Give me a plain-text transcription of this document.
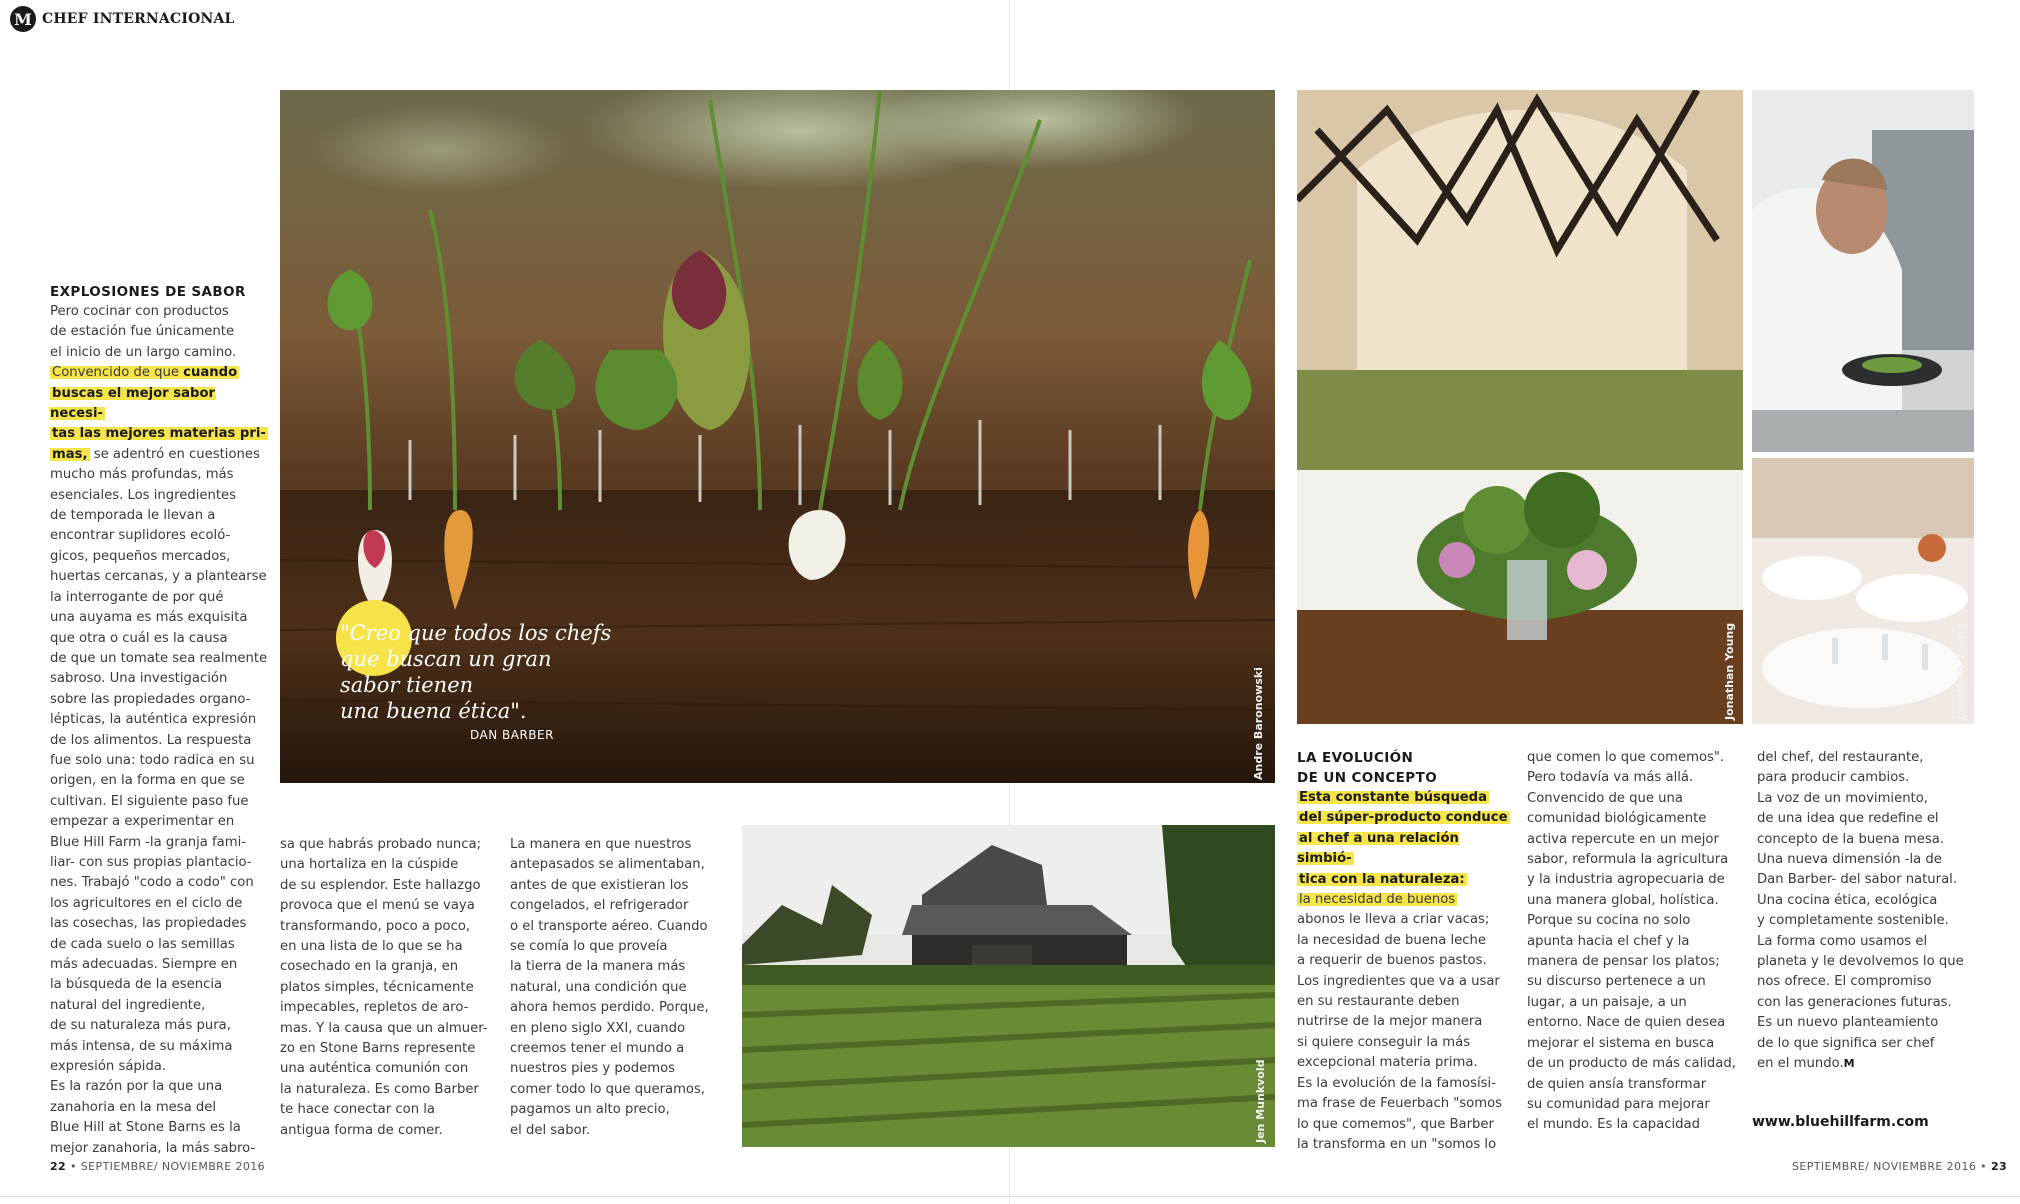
M CHEF INTERNACIONAL
EXPLOSIONES DE SABOR

Pero cocinar con productos
de estación fue únicamente
el inicio de un largo camino.

Convencido de que cuando
buscas el mejor sabor necesi-
tas las mejores materias pri-
mas, se adentró en cuestiones
mucho más profundas, más
esenciales. Los ingredientes
de temporada le llevan a
encontrar suplidores ecoló-
gicos, pequeños mercados,
huertas cercanas, y a plantearse
la interrogante de por qué
una auyama es más exquisita
que otra o cuál es la causa
de que un tomate sea realmente
sabroso. Una investigación
sobre las propiedades organo-
lépticas, la auténtica expresión
de los alimentos. La respuesta
fue solo una: todo radica en su
origen, en la forma en que se
cultivan. El siguiente paso fue
empezar a experimentar en
Blue Hill Farm -la granja fami-
liar- con sus propias plantacio-
nes. Trabajó "codo a codo" con
los agricultores en el ciclo de
las cosechas, las propiedades
de cada suelo o las semillas
más adecuadas. Siempre en
la búsqueda de la esencia
natural del ingrediente,
de su naturaleza más pura,
más intensa, de su máxima
expresión sápida.
Es la razón por la que una
zanahoria en la mesa del
Blue Hill at Stone Barns es la
mejor zanahoria, la más sabro-
Andre Baronowski
"Creo que todos los chefs
que buscan un gran
sabor tienen
una buena ética".
DAN BARBER

sa que habrás probado nunca;
una hortaliza en la cúspide
de su esplendor. Este hallazgo
provoca que el menú se vaya
transformando, poco a poco,
en una lista de lo que se ha
cosechado en la granja, en
platos simples, técnicamente
impecables, repletos de aro-
mas. Y la causa que un almuer-
zo en Stone Barns represente
una auténtica comunión con
la naturaleza. Es como Barber
te hace conectar con la
antigua forma de comer.

La manera en que nuestros
antepasados se alimentaban,
antes de que existieran los
congelados, el refrigerador
o el transporte aéreo. Cuando
se comía lo que proveía
la tierra de la manera más
natural, una condición que
ahora hemos perdido. Porque,
en pleno siglo XXI, cuando
creemos tener el mundo a
nuestros pies y podemos
comer todo lo que queramos,
pagamos un alto precio,
el del sabor.	Jen Munkvold
Jonathan Young	Jonathan Young
LA EVOLUCIÓN
DE UN CONCEPTO
Esta constante búsqueda
del súper-producto conduce
al chef a una relación simbió-
tica con la naturaleza:
la necesidad de buenos

abonos le lleva a criar vacas;
la necesidad de buena leche
a requerir de buenos pastos.
Los ingredientes que va a usar
en su restaurante deben
nutrirse de la mejor manera
si quiere conseguir la más
excepcional materia prima.
Es la evolución de la famosísi-
ma frase de Feuerbach "somos
lo que comemos", que Barber
la transforma en un "somos lo

que comen lo que comemos".
Pero todavía va más allá.
Convencido de que una
comunidad biológicamente
activa repercute en un mejor
sabor, reformula la agricultura
y la industria agropecuaria de
una manera global, holística.
Porque su cocina no solo
apunta hacia el chef y la
manera de pensar los platos;
su discurso pertenece a un
lugar, a un paisaje, a un
entorno. Nace de quien desea
mejorar el sistema en busca
de un producto de más calidad,
de quien ansía transformar
su comunidad para mejorar
el mundo. Es la capacidad

del chef, del restaurante,
para producir cambios.
La voz de un movimiento,
de una idea que redefine el
concepto de la buena mesa.
Una nueva dimensión -la de
Dan Barber- del sabor natural.
Una cocina ética, ecológica
y completamente sostenible.
La forma como usamos el
planeta y le devolvemos lo que
nos ofrece. El compromiso
con las generaciones futuras.
Es un nuevo planteamiento
de lo que significa ser chef
en el mundo.M

www.bluehillfarm.com
22 • SEPTIEMBRE/ NOVIEMBRE 2016	SEPTIEMBRE/ NOVIEMBRE 2016 • 23
